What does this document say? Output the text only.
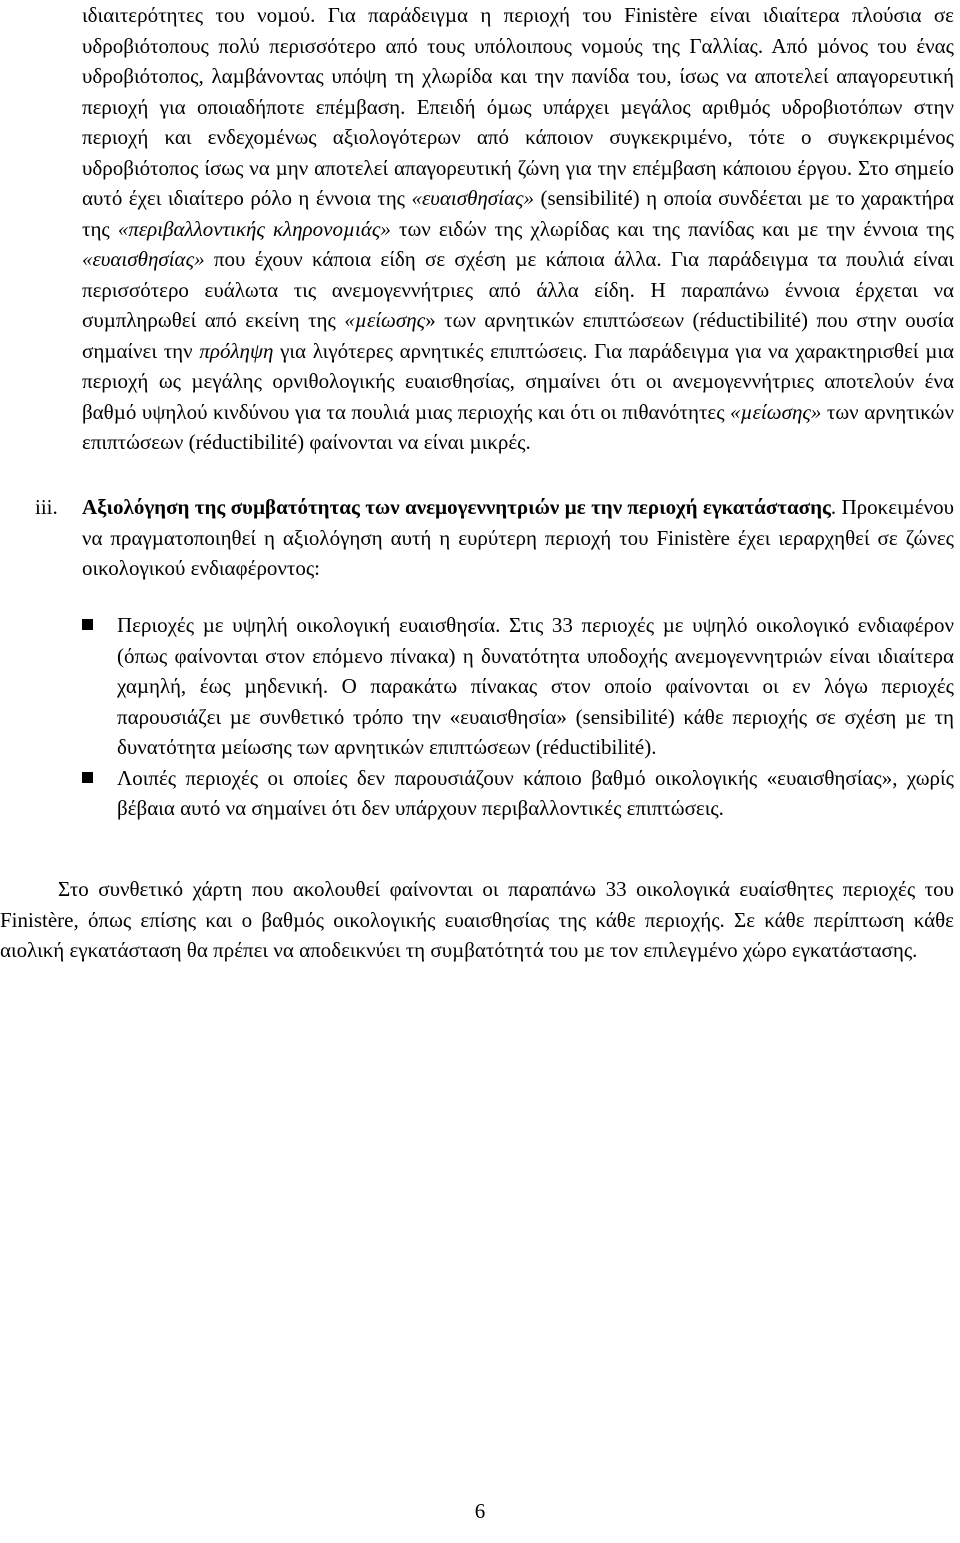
ιδιαιτερότητες του νοµού. Για παράδειγµα η περιοχή του Finistère είναι ιδιαίτερα πλούσια σε υδροβιότοπους πολύ περισσότερο από τους υπόλοιπους νοµούς της Γαλλίας. Από µόνος του ένας υδροβιότοπος, λαµβάνοντας υπόψη τη χλωρίδα και την πανίδα του, ίσως να αποτελεί απαγορευτική περιοχή για οποιαδήποτε επέµβαση. Επειδή όµως υπάρχει µεγάλος αριθµός υδροβιοτόπων στην περιοχή και ενδεχοµένως αξιολογότερων από κάποιον συγκεκριµένο, τότε ο συγκεκριµένος υδροβιότοπος ίσως να µην αποτελεί απαγορευτική ζώνη για την επέµβαση κάποιου έργου. Στο σηµείο αυτό έχει ιδιαίτερο ρόλο η έννοια της «ευαισθησίας» (sensibilité) η οποία συνδέεται µε το χαρακτήρα της «περιβαλλοντικής κληρονοµιάς» των ειδών της χλωρίδας και της πανίδας και µε την έννοια της «ευαισθησίας» που έχουν κάποια είδη σε σχέση µε κάποια άλλα. Για παράδειγµα τα πουλιά είναι περισσότερο ευάλωτα τις ανεµογεννήτριες από άλλα είδη. Η παραπάνω έννοια έρχεται να συµπληρωθεί από εκείνη της «µείωσης» των αρνητικών επιπτώσεων (réductibilité) που στην ουσία σηµαίνει την πρόληψη για λιγότερες αρνητικές επιπτώσεις. Για παράδειγµα για να χαρακτηρισθεί µια περιοχή ως µεγάλης ορνιθολογικής ευαισθησίας, σηµαίνει ότι οι ανεµογεννήτριες αποτελούν ένα βαθµό υψηλού κινδύνου για τα πουλιά µιας περιοχής και ότι οι πιθανότητες «µείωσης» των αρνητικών επιπτώσεων (réductibilité) φαίνονται να είναι µικρές.

iii.	Αξιολόγηση της συµβατότητας των ανεµογεννητριών µε την περιοχή εγκατάστασης. Προκειµένου να πραγµατοποιηθεί η αξιολόγηση αυτή η ευρύτερη περιοχή του Finistère έχει ιεραρχηθεί σε ζώνες οικολογικού ενδιαφέροντος:

Περιοχές µε υψηλή οικολογική ευαισθησία. Στις 33 περιοχές µε υψηλό οικολογικό ενδιαφέρον (όπως φαίνονται στον επόµενο πίνακα) η δυνατότητα υποδοχής ανεµογεννητριών είναι ιδιαίτερα χαµηλή, έως µηδενική. Ο παρακάτω πίνακας στον οποίο φαίνονται οι εν λόγω περιοχές παρουσιάζει µε συνθετικό τρόπο την «ευαισθησία» (sensibilité) κάθε περιοχής σε σχέση µε τη δυνατότητα µείωσης των αρνητικών επιπτώσεων (réductibilité).

Λοιπές περιοχές οι οποίες δεν παρουσιάζουν κάποιο βαθµό οικολογικής «ευαισθησίας», χωρίς βέβαια αυτό να σηµαίνει ότι δεν υπάρχουν περιβαλλοντικές επιπτώσεις.

Στο συνθετικό χάρτη που ακολουθεί φαίνονται οι παραπάνω 33 οικολογικά ευαίσθητες περιοχές του Finistère, όπως επίσης και ο βαθµός οικολογικής ευαισθησίας της κάθε περιοχής. Σε κάθε περίπτωση κάθε αιολική εγκατάσταση θα πρέπει να αποδεικνύει τη συµβατότητά του µε τον επιλεγµένο χώρο εγκατάστασης.

6
